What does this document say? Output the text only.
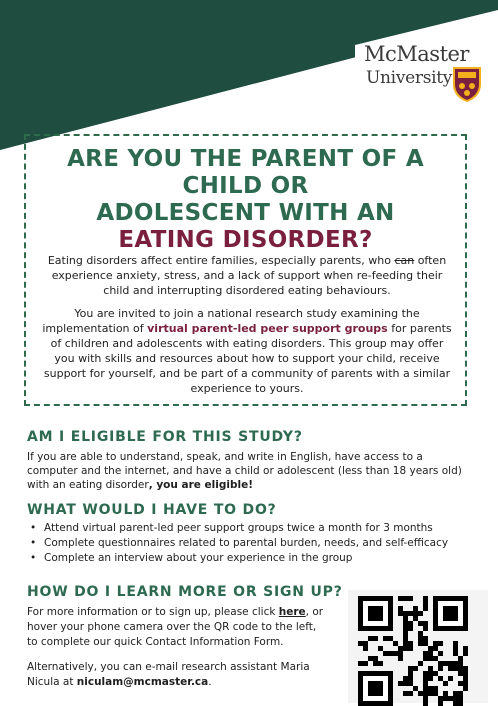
McMaster
University
ARE YOU THE PARENT OF A CHILD OR
ADOLESCENT WITH AN
EATING DISORDER?
Eating disorders affect entire families, especially parents, who can often experience anxiety, stress, and a lack of support when re-feeding their child and interrupting disordered eating behaviours.
You are invited to join a national research study examining the implementation of virtual parent-led peer support groups for parents of children and adolescents with eating disorders. This group may offer you with skills and resources about how to support your child, receive support for yourself, and be part of a community of parents with a similar experience to yours.
AM I ELIGIBLE FOR THIS STUDY?
If you are able to understand, speak, and write in English, have access to a computer and the internet, and have a child or adolescent (less than 18 years old) with an eating disorder, you are eligible!
WHAT WOULD I HAVE TO DO?
• Attend virtual parent-led peer support groups twice a month for 3 months
• Complete questionnaires related to parental burden, needs, and self-efficacy
• Complete an interview about your experience in the group
HOW DO I LEARN MORE OR SIGN UP?
For more information or to sign up, please click here, or hover your phone camera over the QR code to the left, to complete our quick Contact Information Form.
Alternatively, you can e-mail research assistant Maria Nicula at niculam@mcmaster.ca.
